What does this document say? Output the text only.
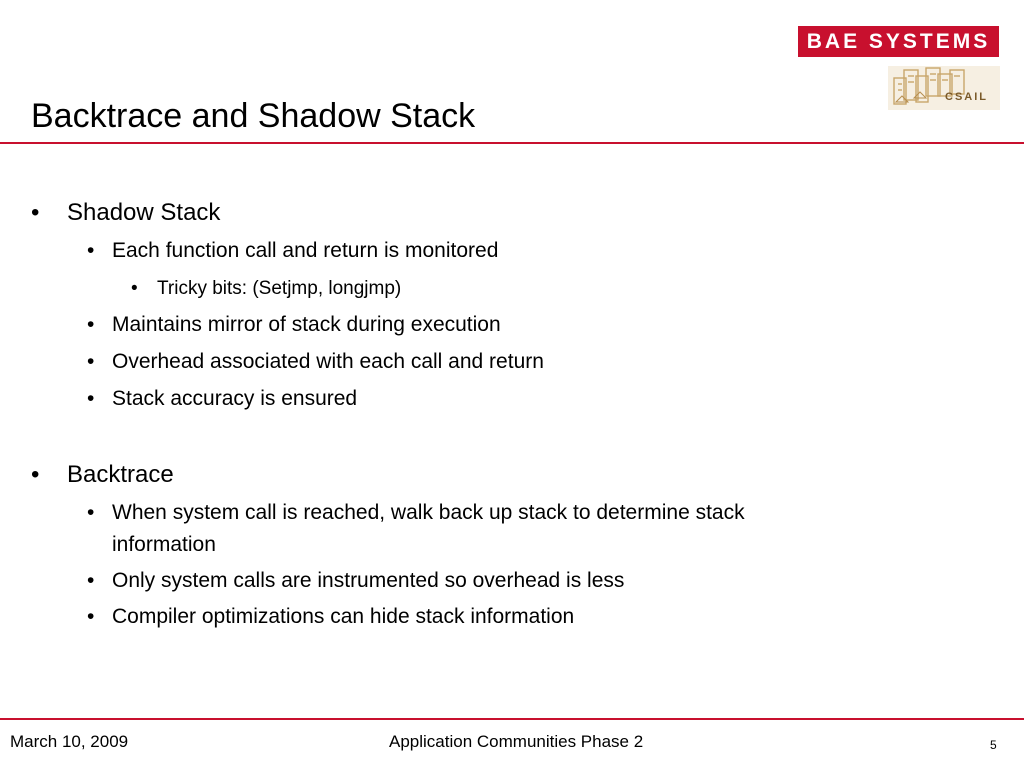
BAE SYSTEMS
CSAIL
Backtrace and Shadow Stack
• Shadow Stack
• Each function call and return is monitored
• Tricky bits: (Setjmp, longjmp)
• Maintains mirror of stack during execution
• Overhead associated with each call and return
• Stack accuracy is ensured
• Backtrace
• When system call is reached, walk back up stack to determine stack
information
• Only system calls are instrumented so overhead is less
• Compiler optimizations can hide stack information
March 10, 2009	Application Communities Phase 2	5
